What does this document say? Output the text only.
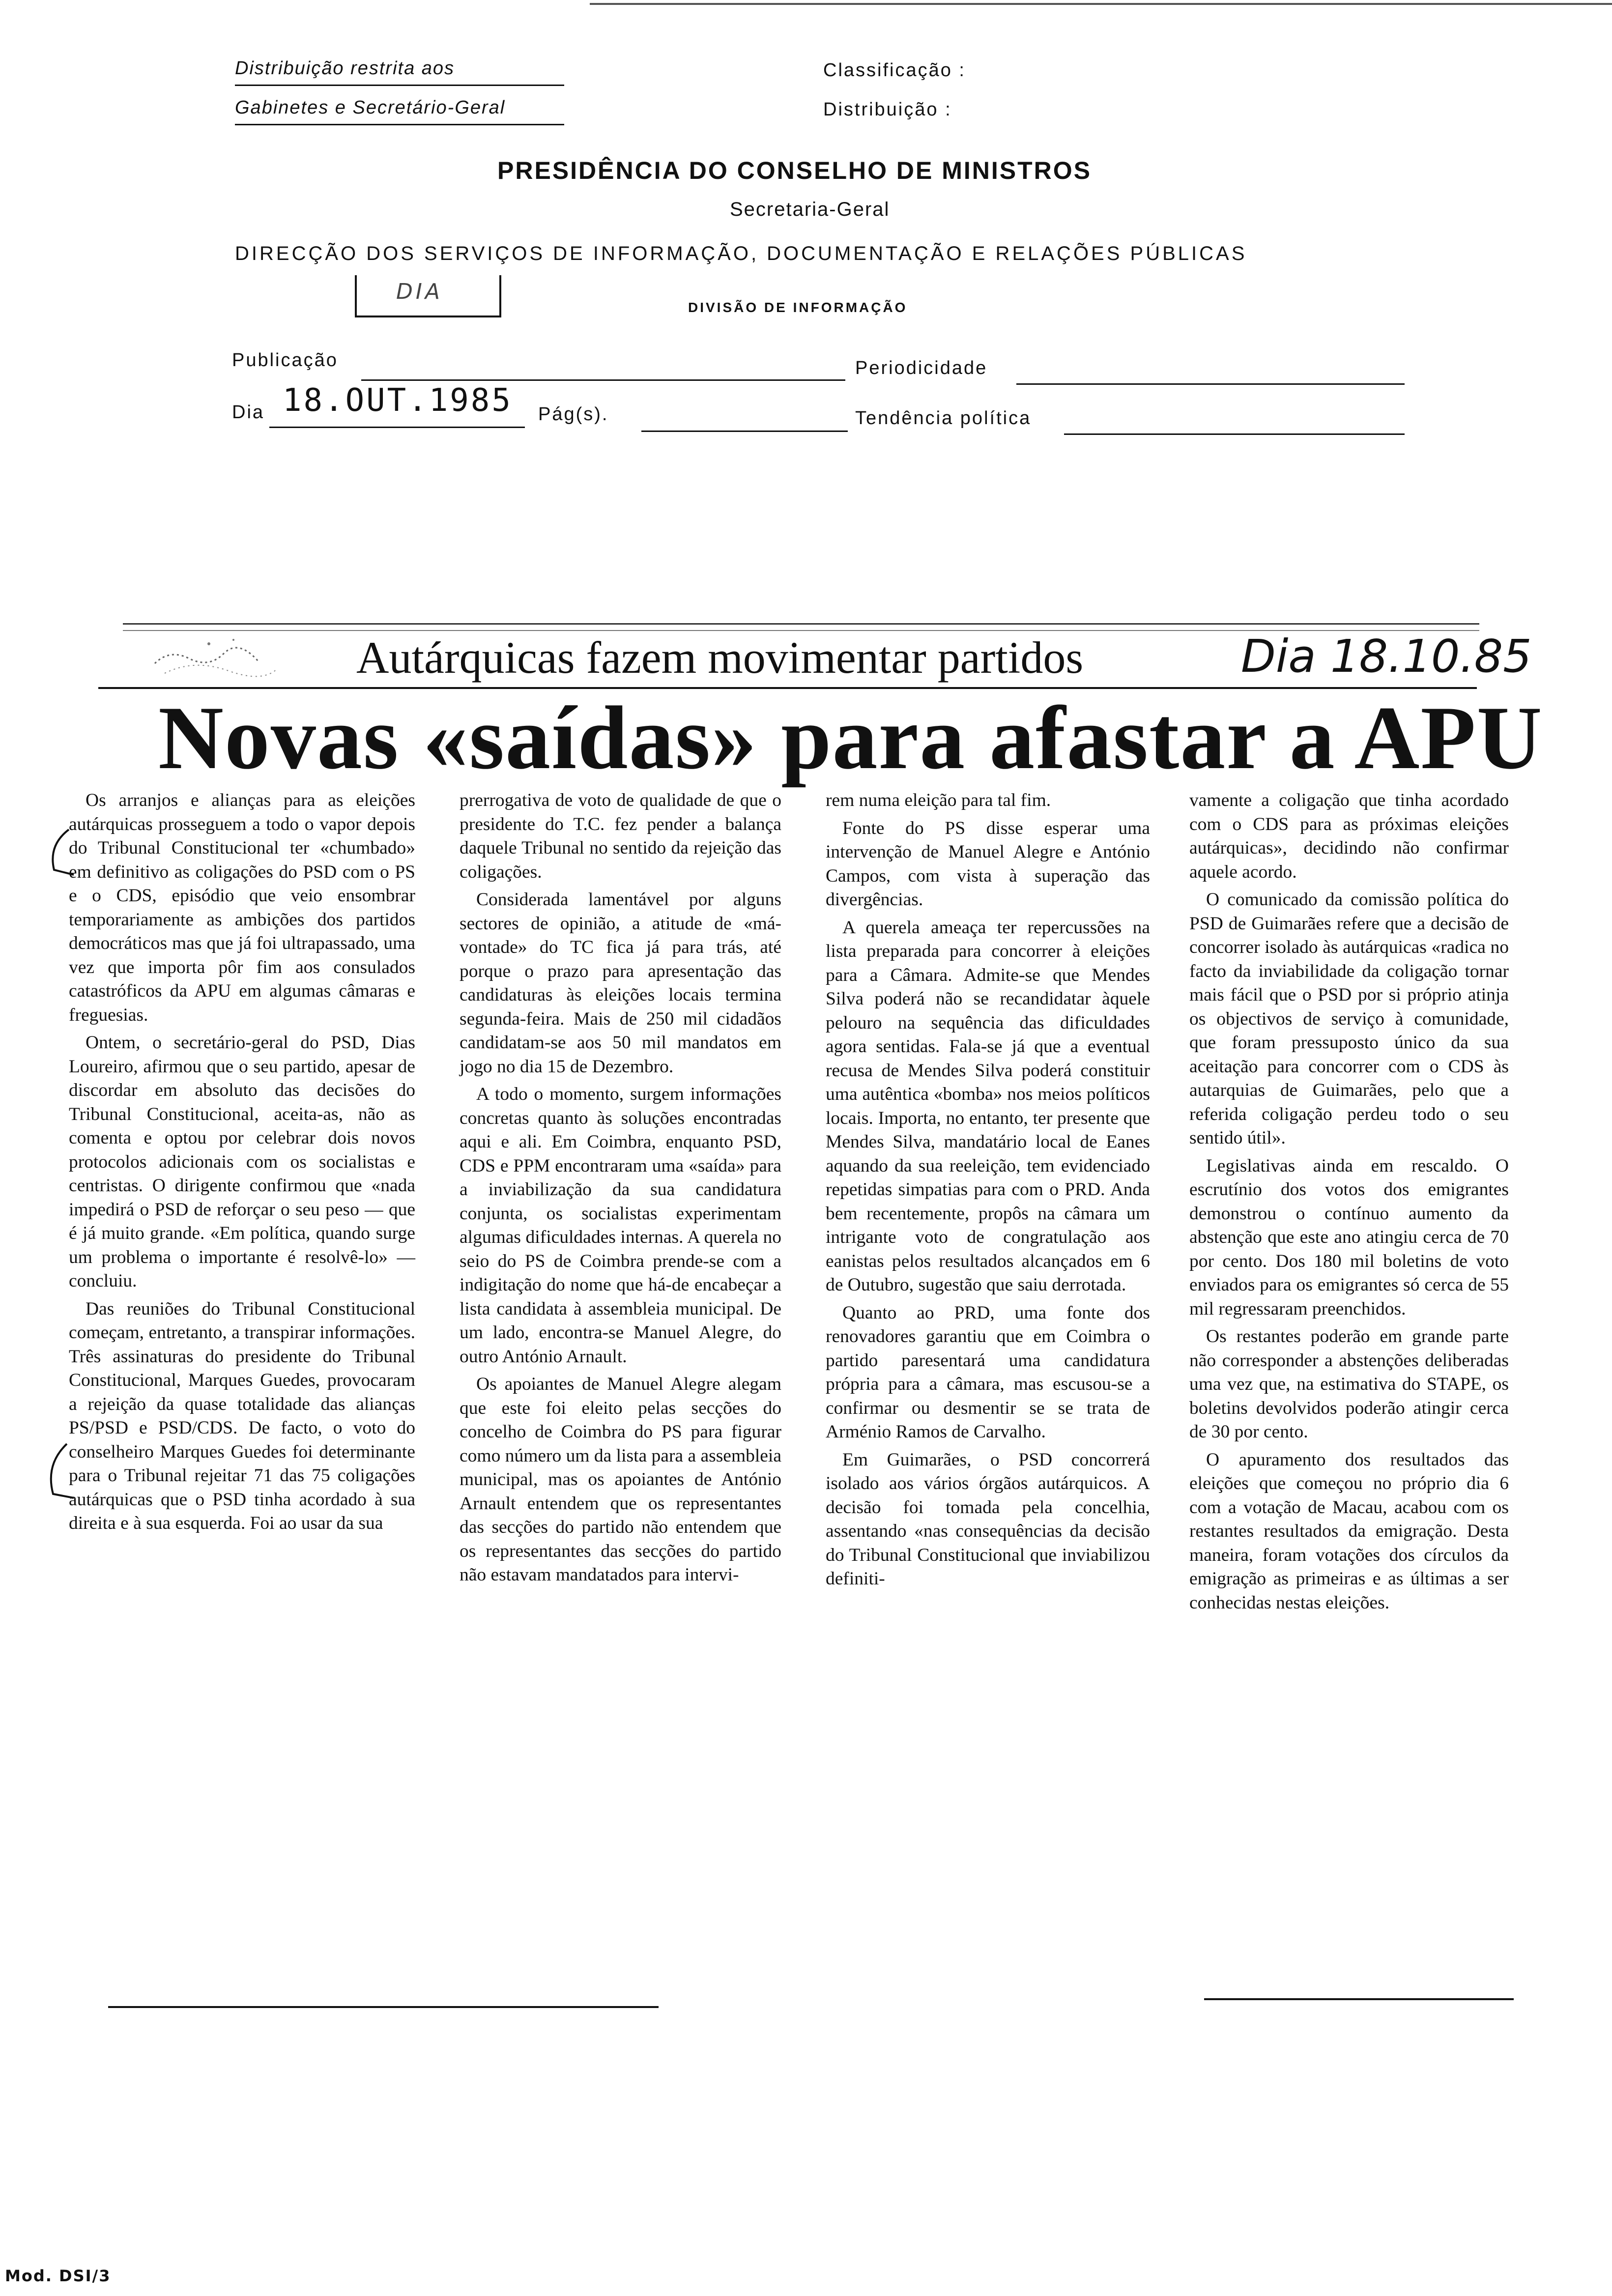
Distribuição restrita aos
Gabinetes e Secretário-Geral
Classificação :
Distribuição :
PRESIDÊNCIA DO CONSELHO DE MINISTROS
Secretaria-Geral
DIRECÇÃO DOS SERVIÇOS DE INFORMAÇÃO, DOCUMENTAÇÃO E RELAÇÕES PÚBLICAS
DIA
DIVISÃO DE INFORMAÇÃO
Publicação	Periodicidade
Dia 18.OUT.1985 Pág(s).	Tendência política
Autárquicas fazem movimentar partidos	Dia 18.10.85
Novas «saídas» para afastar a APU

Os arranjos e alianças para as eleições autárquicas prosseguem a todo o vapor depois do Tribunal Constitucional ter «chumbado» em definitivo as coligações do PSD com o PS e o CDS, episódio que veio ensombrar temporariamente as ambições dos partidos democráticos mas que já foi ultrapassado, uma vez que importa pôr fim aos consulados catastróficos da APU em algumas câmaras e freguesias.

Ontem, o secretário-geral do PSD, Dias Loureiro, afirmou que o seu partido, apesar de discordar em absoluto das decisões do Tribunal Constitucional, aceita-as, não as comenta e optou por celebrar dois novos protocolos adicionais com os socialistas e centristas. O dirigente confirmou que «nada impedirá o PSD de reforçar o seu peso — que é já muito grande. «Em política, quando surge um problema o importante é resolvê-lo» — concluiu.

Das reuniões do Tribunal Constitucional começam, entretanto, a transpirar informações. Três assinaturas do presidente do Tribunal Constitucional, Marques Guedes, provocaram a rejeição da quase totalidade das alianças PS/PSD e PSD/CDS. De facto, o voto do conselheiro Marques Guedes foi determinante para o Tribunal rejeitar 71 das 75 coligações autárquicas que o PSD tinha acordado à sua direita e à sua esquerda. Foi ao usar da sua

prerrogativa de voto de qualidade de que o presidente do T.C. fez pender a balança daquele Tribunal no sentido da rejeição das coligações.

Considerada lamentável por alguns sectores de opinião, a atitude de «má-vontade» do TC fica já para trás, até porque o prazo para apresentação das candidaturas às eleições locais termina segunda-feira. Mais de 250 mil cidadãos candidatam-se aos 50 mil mandatos em jogo no dia 15 de Dezembro.

A todo o momento, surgem informações concretas quanto às soluções encontradas aqui e ali. Em Coimbra, enquanto PSD, CDS e PPM encontraram uma «saída» para a inviabilização da sua candidatura conjunta, os socialistas experimentam algumas dificuldades internas. A querela no seio do PS de Coimbra prende-se com a indigitação do nome que há-de encabeçar a lista candidata à assembleia municipal. De um lado, encontra-se Manuel Alegre, do outro António Arnault.

Os apoiantes de Manuel Alegre alegam que este foi eleito pelas secções do concelho de Coimbra do PS para figurar como número um da lista para a assembleia municipal, mas os apoiantes de António Arnault entendem que os representantes das secções do partido não entendem que os representantes das secções do partido não estavam mandatados para intervi-

rem numa eleição para tal fim.

Fonte do PS disse esperar uma intervenção de Manuel Alegre e António Campos, com vista à superação das divergências.

A querela ameaça ter repercussões na lista preparada para concorrer à eleições para a Câmara. Admite-se que Mendes Silva poderá não se recandidatar àquele pelouro na sequência das dificuldades agora sentidas. Fala-se já que a eventual recusa de Mendes Silva poderá constituir uma autêntica «bomba» nos meios políticos locais. Importa, no entanto, ter presente que Mendes Silva, mandatário local de Eanes aquando da sua reeleição, tem evidenciado repetidas simpatias para com o PRD. Anda bem recentemente, propôs na câmara um intrigante voto de congratulação aos eanistas pelos resultados alcançados em 6 de Outubro, sugestão que saiu derrotada.

Quanto ao PRD, uma fonte dos renovadores garantiu que em Coimbra o partido paresentará uma candidatura própria para a câmara, mas escusou-se a confirmar ou desmentir se se trata de Arménio Ramos de Carvalho.

Em Guimarães, o PSD concorrerá isolado aos vários órgãos autárquicos. A decisão foi tomada pela concelhia, assentando «nas consequências da decisão do Tribunal Constitucional que inviabilizou definiti-

vamente a coligação que tinha acordado com o CDS para as próximas eleições autárquicas», decidindo não confirmar aquele acordo.

O comunicado da comissão política do PSD de Guimarães refere que a decisão de concorrer isolado às autárquicas «radica no facto da inviabilidade da coligação tornar mais fácil que o PSD por si próprio atinja os objectivos de serviço à comunidade, que foram pressuposto único da sua aceitação para concorrer com o CDS às autarquias de Guimarães, pelo que a referida coligação perdeu todo o seu sentido útil».

Legislativas ainda em rescaldo. O escrutínio dos votos dos emigrantes demonstrou o contínuo aumento da abstenção que este ano atingiu cerca de 70 por cento. Dos 180 mil boletins de voto enviados para os emigrantes só cerca de 55 mil regressaram preenchidos.

Os restantes poderão em grande parte não corresponder a abstenções deliberadas uma vez que, na estimativa do STAPE, os boletins devolvidos poderão atingir cerca de 30 por cento.

O apuramento dos resultados das eleições que começou no próprio dia 6 com a votação de Macau, acabou com os restantes resultados da emigração. Desta maneira, foram votações dos círculos da emigração as primeiras e as últimas a ser conhecidas nestas eleições.

Mod. DSI/3
